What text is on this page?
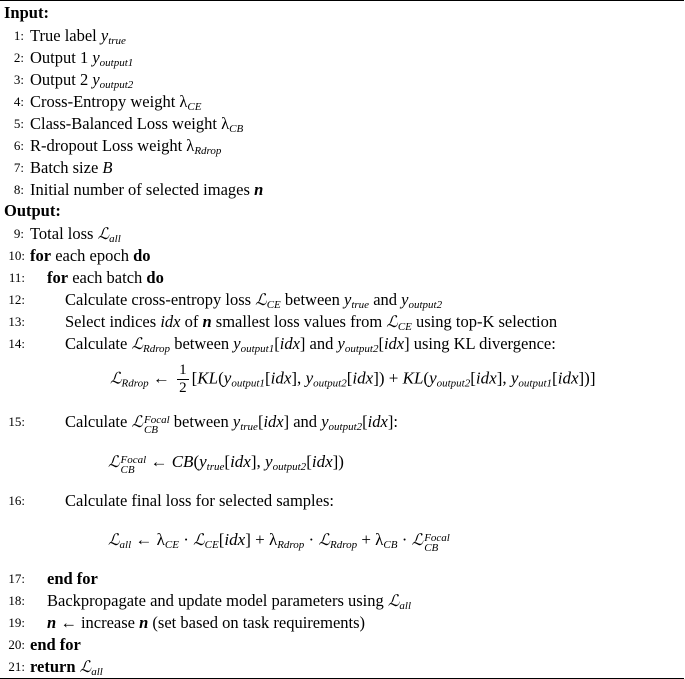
Input:
1: True label $y_{true}$
2: Output 1 $y_{output1}$
3: Output 2 $y_{output2}$
4: Cross-Entropy weight $\lambda_{CE}$
5: Class-Balanced Loss weight $\lambda_{CB}$
6: R-dropout Loss weight $\lambda_{Rdrop}$
7: Batch size B
8: Initial number of selected images n
Output:
9: Total loss ℒ$_{all}$
10: for each epoch do
11: for each batch do
12: Calculate cross-entropy loss ℒ$_{CE}$ between $y_{true}$ and $y_{output2}$
13: Select indices idx of n smallest loss values from ℒ$_{CE}$ using top-K selection
14: Calculate ℒ$_{Rdrop}$ between $y_{output1}[idx]$ and $y_{output2}[idx]$ using KL divergence:
ℒ$_{Rdrop}$ ← $\frac{1}{2} [KL(y_{output1}[idx]$, $y_{output2}[idx]) + KL(y_{output2}[idx]$, $y_{output1}[idx]$)]
15: Calculate ℒ Focal
CB between $y_{true}[idx]$ and $y_{output2}[idx]$:
ℒ Focal
CB ← $CB(y_{true}[idx]$, $y_{output2}[idx]$)
16: Calculate final loss for selected samples:
ℒ$_{all}$ ← $\lambda_{CE}$ · ℒ$_{CE}$[idx] + $\lambda_{Rdrop}$ · ℒ$_{Rdrop}$ + $\lambda_{CB}$ · ℒ Focal
CB
17: end for
18: Backpropagate and update model parameters using ℒ$_{all}$
19: n ← increase n (set based on task requirements)
20: end for
21: return ℒ$_{all}$
